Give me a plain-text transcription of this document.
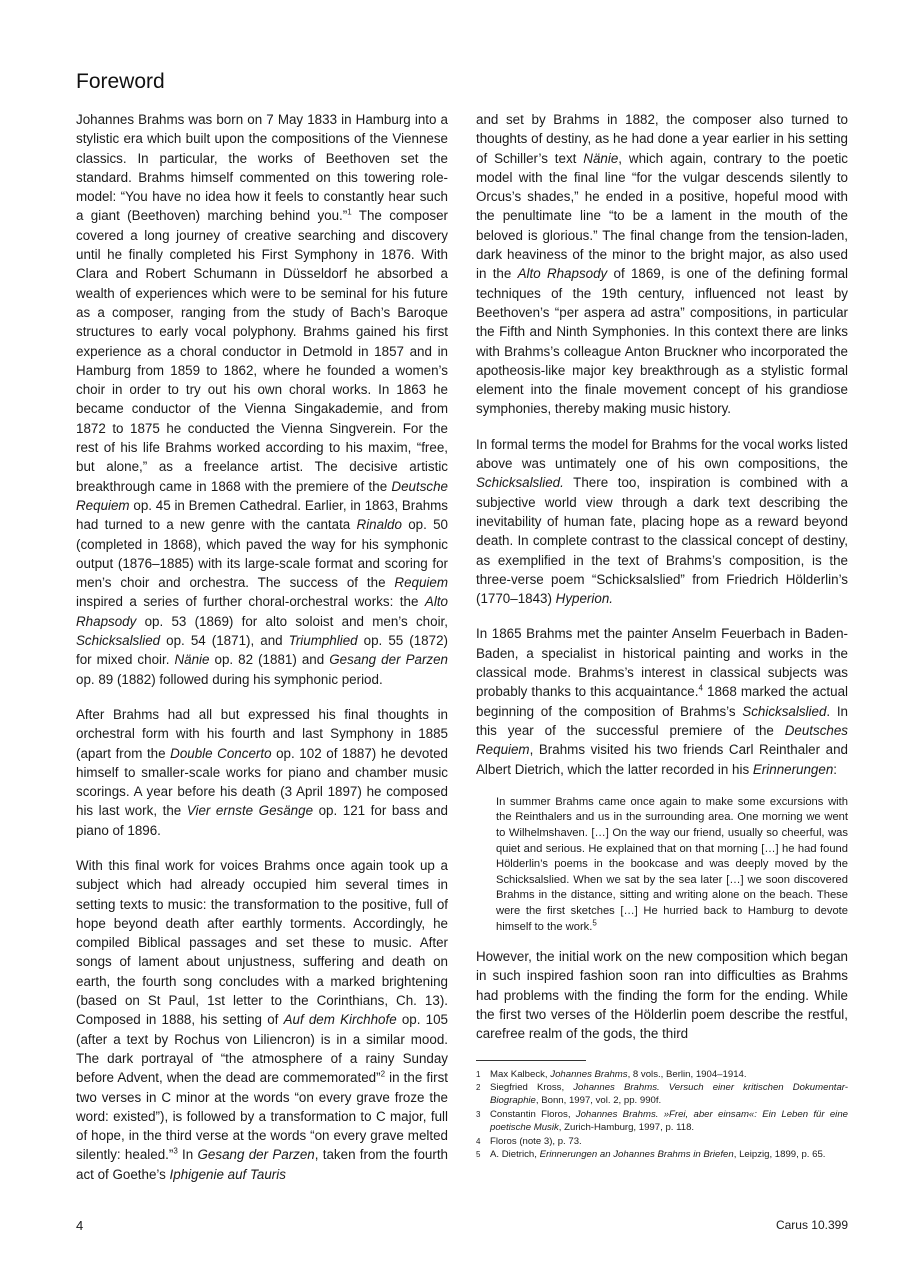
Foreword

Johannes Brahms was born on 7 May 1833 in Hamburg into a stylistic era which built upon the compositions of the Viennese classics. In particular, the works of Beethoven set the standard. Brahms himself commented on this towering role-model: “You have no idea how it feels to constantly hear such a giant (Beethoven) marching behind you.”$^1$ The composer covered a long journey of creative searching and discovery until he finally completed his First Symphony in 1876. With Clara and Robert Schumann in Düsseldorf he absorbed a wealth of experiences which were to be seminal for his future as a composer, ranging from the study of Bach’s Baroque structures to early vocal polyphony. Brahms gained his first experience as a choral conductor in Detmold in 1857 and in Hamburg from 1859 to 1862, where he founded a women’s choir in order to try out his own choral works. In 1863 he became conductor of the Vienna Singakademie, and from 1872 to 1875 he conducted the Vienna Singverein. For the rest of his life Brahms worked according to his maxim, “free, but alone,” as a freelance artist. The decisive artistic breakthrough came in 1868 with the premiere of the Deutsche Requiem op. 45 in Bremen Cathedral. Earlier, in 1863, Brahms had turned to a new genre with the cantata Rinaldo op. 50 (completed in 1868), which paved the way for his symphonic output (1876–1885) with its large-scale format and scoring for men’s choir and orchestra. The success of the Requiem inspired a series of further choral-orchestral works: the Alto Rhapsody op. 53 (1869) for alto soloist and men’s choir, Schicksalslied op. 54 (1871), and Triumphlied op. 55 (1872) for mixed choir. Nänie op. 82 (1881) and Gesang der Parzen op. 89 (1882) followed during his symphonic period.

After Brahms had all but expressed his final thoughts in orchestral form with his fourth and last Symphony in 1885 (apart from the Double Concerto op. 102 of 1887) he devoted himself to smaller-scale works for piano and chamber music scorings. A year before his death (3 April 1897) he composed his last work, the Vier ernste Gesänge op. 121 for bass and piano of 1896.

With this final work for voices Brahms once again took up a subject which had already occupied him several times in setting texts to music: the transformation to the positive, full of hope beyond death after earthly torments. Accordingly, he compiled Biblical passages and set these to music. After songs of lament about unjustness, suffering and death on earth, the fourth song concludes with a marked brightening (based on St Paul, 1st letter to the Corinthians, Ch. 13). Composed in 1888, his setting of Auf dem Kirchhofe op. 105 (after a text by Rochus von Liliencron) is in a similar mood. The dark portrayal of “the atmosphere of a rainy Sunday before Advent, when the dead are commemorated”$^2$ in the first two verses in C minor at the words “on every grave froze the word: existed”), is followed by a transformation to C major, full of hope, in the third verse at the words “on every grave melted silently: healed.”$^3$ In Gesang der Parzen, taken from the fourth act of Goethe’s Iphigenie auf Tauris

and set by Brahms in 1882, the composer also turned to thoughts of destiny, as he had done a year earlier in his setting of Schiller’s text Nänie, which again, contrary to the poetic model with the final line “for the vulgar descends silently to Orcus’s shades,” he ended in a positive, hopeful mood with the penultimate line “to be a lament in the mouth of the beloved is glorious.” The final change from the tension-laden, dark heaviness of the minor to the bright major, as also used in the Alto Rhapsody of 1869, is one of the defining formal techniques of the 19th century, influenced not least by Beethoven’s “per aspera ad astra” compositions, in particular the Fifth and Ninth Symphonies. In this context there are links with Brahms’s colleague Anton Bruckner who incorporated the apotheosis-like major key breakthrough as a stylistic formal element into the finale movement concept of his grandiose symphonies, thereby making music history.

In formal terms the model for Brahms for the vocal works listed above was untimately one of his own compositions, the Schicksalslied. There too, inspiration is combined with a subjective world view through a dark text describing the inevitability of human fate, placing hope as a reward beyond death. In complete contrast to the classical concept of destiny, as exemplified in the text of Brahms’s composition, is the three-verse poem “Schicksalslied” from Friedrich Hölderlin’s (1770–1843) Hyperion.

In 1865 Brahms met the painter Anselm Feuerbach in Baden-Baden, a specialist in historical painting and works in the classical mode. Brahms’s interest in classical subjects was probably thanks to this acquaintance.$^4$ 1868 marked the actual beginning of the composition of Brahms’s Schicksalslied. In this year of the successful premiere of the Deutsches Requiem, Brahms visited his two friends Carl Reinthaler and Albert Dietrich, which the latter recorded in his Erinnerungen:

In summer Brahms came once again to make some excursions with the Reinthalers and us in the surrounding area. One morning we went to Wilhelmshaven. […] On the way our friend, usually so cheerful, was quiet and serious. He explained that on that morning […] he had found Hölderlin’s poems in the bookcase and was deeply moved by the Schicksalslied. When we sat by the sea later […] we soon discovered Brahms in the distance, sitting and writing alone on the beach. These were the first sketches […] He hurried back to Hamburg to devote himself to the work.$^5$

However, the initial work on the new composition which began in such inspired fashion soon ran into difficulties as Brahms had problems with the finding the form for the ending. While the first two verses of the Hölderlin poem describe the restful, carefree realm of the gods, the third

1 Max Kalbeck, Johannes Brahms, 8 vols., Berlin, 1904–1914.
2 Siegfried Kross, Johannes Brahms. Versuch einer kritischen Dokumentar-Biographie, Bonn, 1997, vol. 2, pp. 990f.
3 Constantin Floros, Johannes Brahms. »Frei, aber einsam«: Ein Leben für eine poetische Musik, Zurich-Hamburg, 1997, p. 118.
4 Floros (note 3), p. 73.
5 A. Dietrich, Erinnerungen an Johannes Brahms in Briefen, Leipzig, 1899, p. 65.
4	Carus 10.399
